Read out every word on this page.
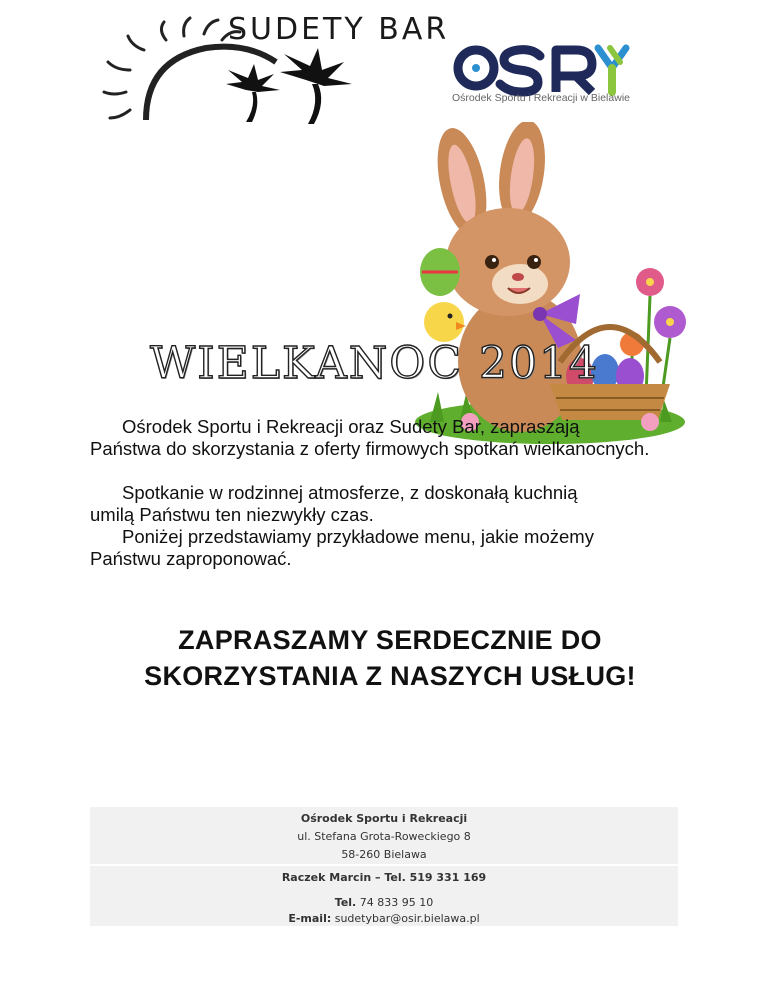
SUDETY BAR
Ośrodek Sportu i Rekreacji w Bielawie
WIELKANOC 2014
Ośrodek Sportu i Rekreacji oraz Sudety Bar, zapraszają
Państwa do skorzystania z oferty firmowych spotkań wielkanocnych.
Spotkanie w rodzinnej atmosferze, z doskonałą kuchnią
umilą Państwu ten niezwykły czas.
Poniżej przedstawiamy przykładowe menu, jakie możemy
Państwu zaproponować.
ZAPRASZAMY SERDECZNIE DO
SKORZYSTANIA Z NASZYCH USŁUG!
Ośrodek Sportu i Rekreacji
ul. Stefana Grota-Roweckiego 8
58-260 Bielawa
Raczek Marcin – Tel. 519 331 169
Tel. 74 833 95 10
E-mail: sudetybar@osir.bielawa.pl
